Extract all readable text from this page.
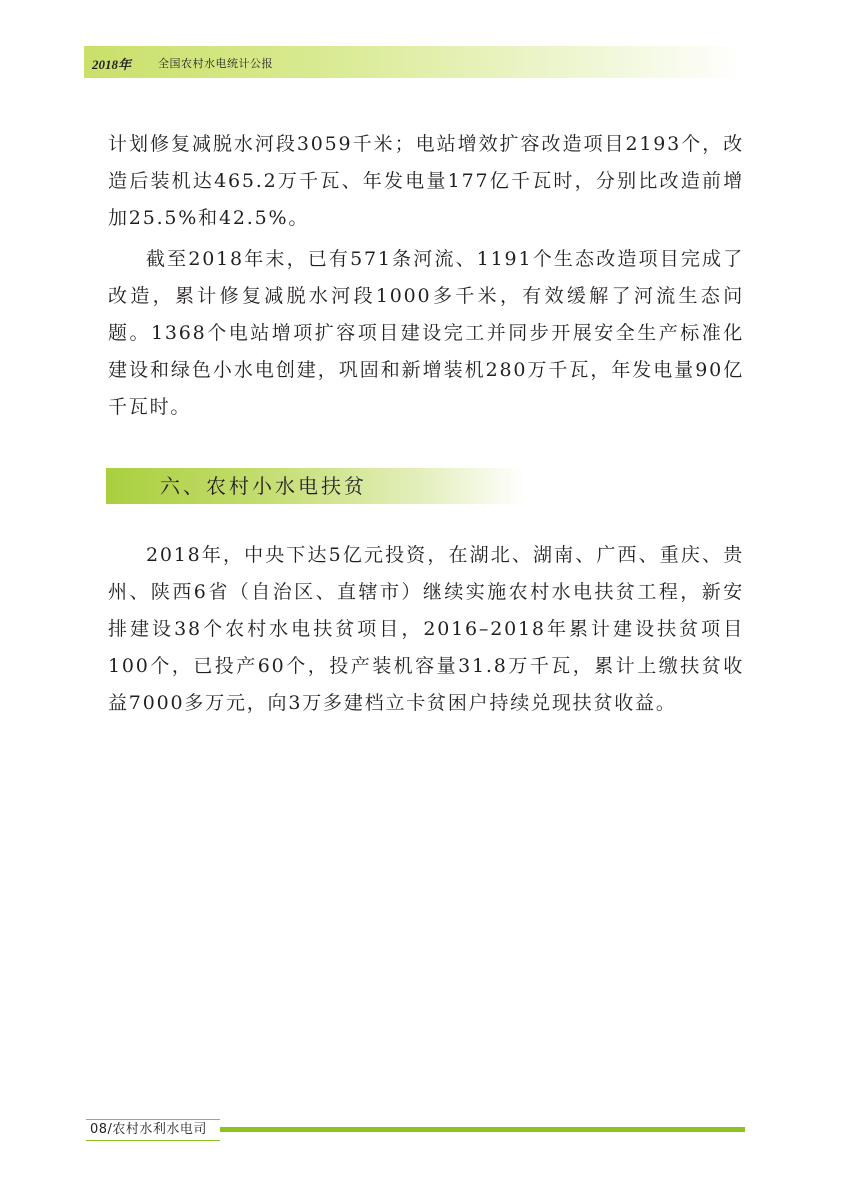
2018年 全国农村水电统计公报

计划修复减脱水河段3059千米；电站增效扩容改造项目2193个，改造后装机达465.2万千瓦、年发电量177亿千瓦时，分别比改造前增加25.5%和42.5%。

截至2018年末，已有571条河流、1191个生态改造项目完成了改造，累计修复减脱水河段1000多千米，有效缓解了河流生态问题。1368个电站增项扩容项目建设完工并同步开展安全生产标准化建设和绿色小水电创建，巩固和新增装机280万千瓦，年发电量90亿千瓦时。

六、农村小水电扶贫

2018年，中央下达5亿元投资，在湖北、湖南、广西、重庆、贵州、陕西6省（自治区、直辖市）继续实施农村水电扶贫工程，新安排建设38个农村水电扶贫项目，2016–2018年累计建设扶贫项目100个，已投产60个，投产装机容量31.8万千瓦，累计上缴扶贫收益7000多万元，向3万多建档立卡贫困户持续兑现扶贫收益。

08/农村水利水电司
